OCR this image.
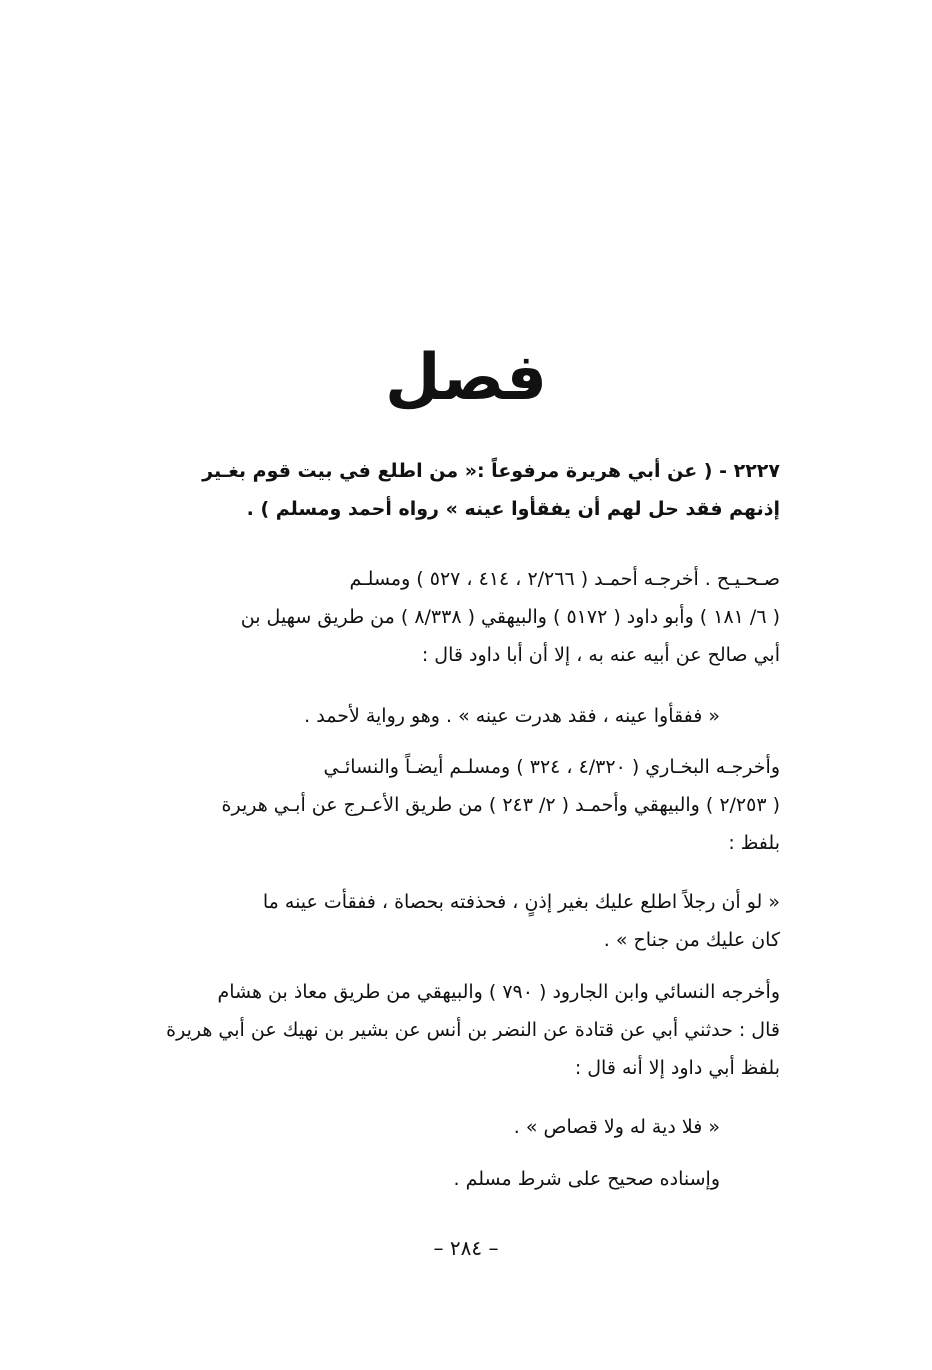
فصل
٢٢٢٧ - ( عن أبي هريرة مرفوعاً :« من اطلع في بيت قوم بغـير
إذنهم فقد حل لهم أن يفقأوا عينه » رواه أحمد ومسلم ) .
صـحـيـح . أخرجـه أحمـد ( ٢/٢٦٦ ، ٤١٤ ، ٥٢٧ ) ومسلـم
( ٦/ ١٨١ ) وأبو داود ( ٥١٧٢ ) والبيهقي ( ٨/٣٣٨ ) من طريق سهيل بن
أبي صالح عن أبيه عنه به ، إلا أن أبا داود قال :
« ففقأوا عينه ، فقد هدرت عينه » . وهو رواية لأحمد .
وأخرجـه البخـاري ( ٤/٣٢٠ ، ٣٢٤ ) ومسلـم أيضـاً والنسائـي
( ٢/٢٥٣ ) والبيهقي وأحمـد ( ٢/ ٢٤٣ ) من طريق الأعـرج عن أبـي هريرة
بلفظ :
« لو أن رجلاً اطلع عليك بغير إذنٍ ، فحذفته بحصاة ، ففقأت عينه ما
كان عليك من جناح » .
وأخرجه النسائي وابن الجارود ( ٧٩٠ ) والبيهقي من طريق معاذ بن هشام
قال : حدثني أبي عن قتادة عن النضر بن أنس عن بشير بن نهيك عن أبي هريرة
بلفظ أبي داود إلا أنه قال :
« فلا دية له ولا قصاص » .
وإسناده صحيح على شرط مسلم .
– ٢٨٤ –
